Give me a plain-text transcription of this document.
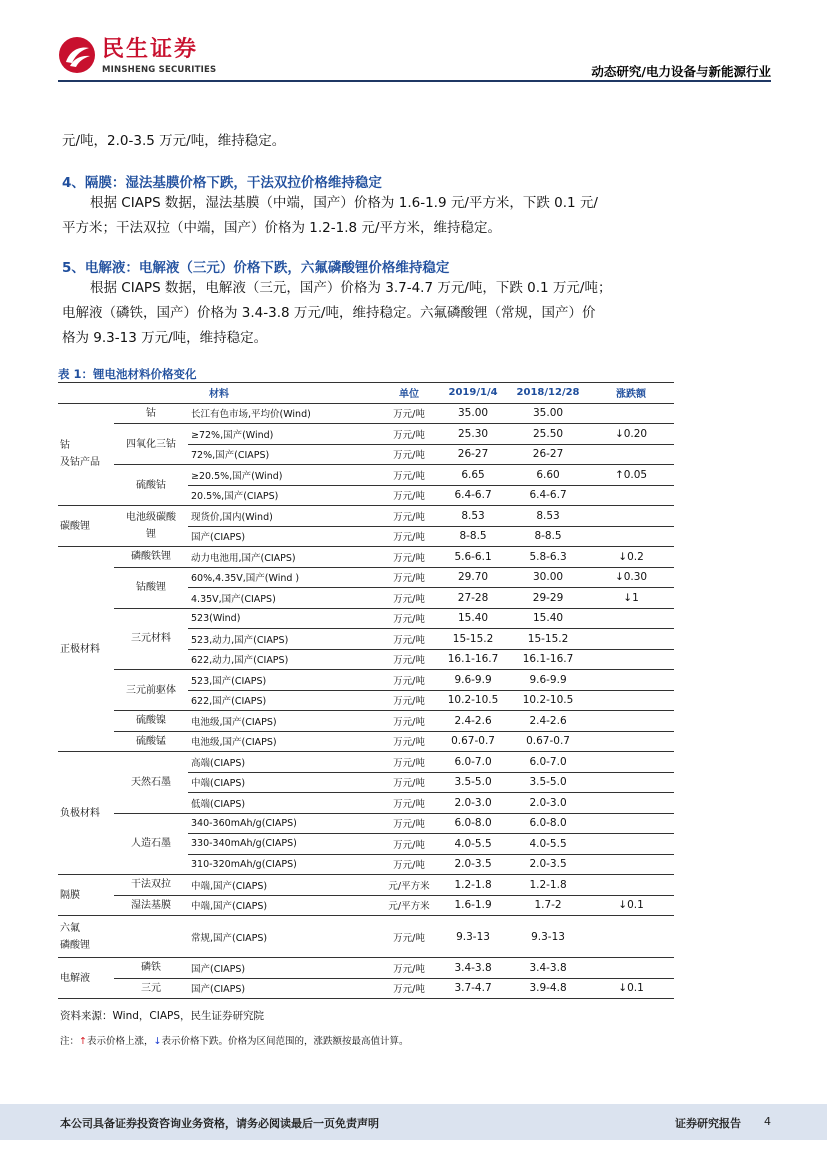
民生证券
MINSHENG SECURITIES	动态研究/电力设备与新能源行业
元/吨，2.0-3.5 万元/吨，维持稳定。
4、隔膜：湿法基膜价格下跌，干法双拉价格维持稳定
根据 CIAPS 数据，湿法基膜（中端，国产）价格为 1.6-1.9 元/平方米，下跌 0.1 元/
平方米；干法双拉（中端，国产）价格为 1.2-1.8 元/平方米，维持稳定。
5、电解液：电解液（三元）价格下跌，六氟磷酸锂价格维持稳定
根据 CIAPS 数据，电解液（三元，国产）价格为 3.7-4.7 万元/吨，下跌 0.1 万元/吨；
电解液（磷铁，国产）价格为 3.4-3.8 万元/吨，维持稳定。六氟磷酸锂（常规，国产）价
格为 9.3-13 万元/吨，维持稳定。
表 1：锂电池材料价格变化
材料			单位	2019/1/4	2018/12/28	涨跌额
钴
及钴产品	钴	长江有色市场,平均价(Wind)	万元/吨	35.00	35.00	
	四氧化三钴	≥72%,国产(Wind)	万元/吨	25.30	25.50	↓0.20
		72%,国产(CIAPS)	万元/吨	26-27	26-27	
	硫酸钴	≥20.5%,国产(Wind)	万元/吨	6.65	6.60	↑0.05
		20.5%,国产(CIAPS)	万元/吨	6.4-6.7	6.4-6.7	
碳酸锂	电池级碳酸
锂	现货价,国内(Wind)	万元/吨	8.53	8.53	
		国产(CIAPS)	万元/吨	8-8.5	8-8.5	
正极材料	磷酸铁锂	动力电池用,国产(CIAPS)	万元/吨	5.6-6.1	5.8-6.3	↓0.2
	钴酸锂	60%,4.35V,国产(Wind )	万元/吨	29.70	30.00	↓0.30
		4.35V,国产(CIAPS)	万元/吨	27-28	29-29	↓1
	三元材料	523(Wind)	万元/吨	15.40	15.40	
		523,动力,国产(CIAPS)	万元/吨	15-15.2	15-15.2	
		622,动力,国产(CIAPS)	万元/吨	16.1-16.7	16.1-16.7	
	三元前驱体	523,国产(CIAPS)	万元/吨	9.6-9.9	9.6-9.9	
		622,国产(CIAPS)	万元/吨	10.2-10.5	10.2-10.5	
	硫酸镍	电池级,国产(CIAPS)	万元/吨	2.4-2.6	2.4-2.6	
	硫酸锰	电池级,国产(CIAPS)	万元/吨	0.67-0.7	0.67-0.7	
负极材料	天然石墨	高端(CIAPS)	万元/吨	6.0-7.0	6.0-7.0	
		中端(CIAPS)	万元/吨	3.5-5.0	3.5-5.0	
		低端(CIAPS)	万元/吨	2.0-3.0	2.0-3.0	
	人造石墨	340-360mAh/g(CIAPS)	万元/吨	6.0-8.0	6.0-8.0	
		330-340mAh/g(CIAPS)	万元/吨	4.0-5.5	4.0-5.5	
		310-320mAh/g(CIAPS)	万元/吨	2.0-3.5	2.0-3.5	
隔膜	干法双拉	中端,国产(CIAPS)	元/平方米	1.2-1.8	1.2-1.8	
	湿法基膜	中端,国产(CIAPS)	元/平方米	1.6-1.9	1.7-2	↓0.1
六氟
磷酸锂		常规,国产(CIAPS)	万元/吨	9.3-13	9.3-13	
电解液	磷铁	国产(CIAPS)	万元/吨	3.4-3.8	3.4-3.8	
	三元	国产(CIAPS)	万元/吨	3.7-4.7	3.9-4.8	↓0.1
资料来源：Wind，CIAPS，民生证券研究院
注：↑表示价格上涨，↓表示价格下跌。价格为区间范围的，涨跌额按最高值计算。
本公司具备证券投资咨询业务资格，请务必阅读最后一页免责声明	证券研究报告 4
